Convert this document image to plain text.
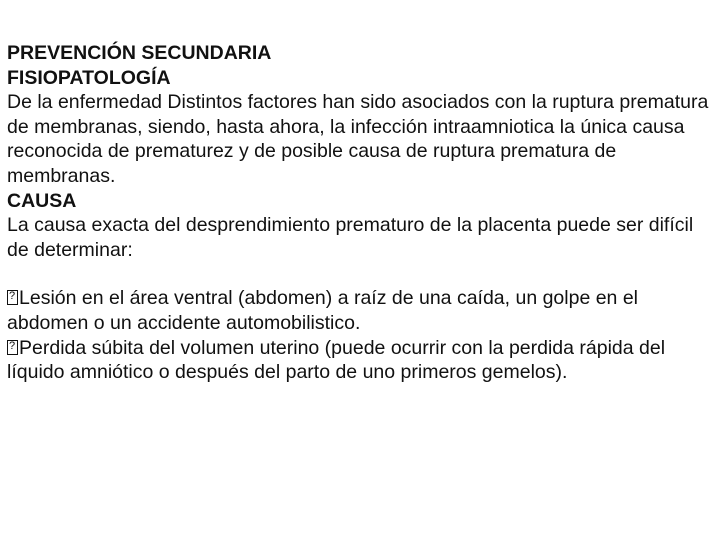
PREVENCIÓN SECUNDARIA

FISIOPATOLOGÍA

De la enfermedad Distintos factores han sido asociados con la ruptura prematura de membranas, siendo, hasta ahora, la infección intraamniotica la única causa reconocida de prematurez y de posible causa de ruptura prematura de membranas.

CAUSA

La causa exacta del desprendimiento prematuro de la placenta puede ser difícil de determinar:

?Lesión en el área ventral (abdomen) a raíz de una caída, un golpe en el abdomen o un accidente automobilistico.

?Perdida súbita del volumen uterino (puede ocurrir con la perdida rápida del líquido amniótico o después del parto de uno primeros gemelos).
